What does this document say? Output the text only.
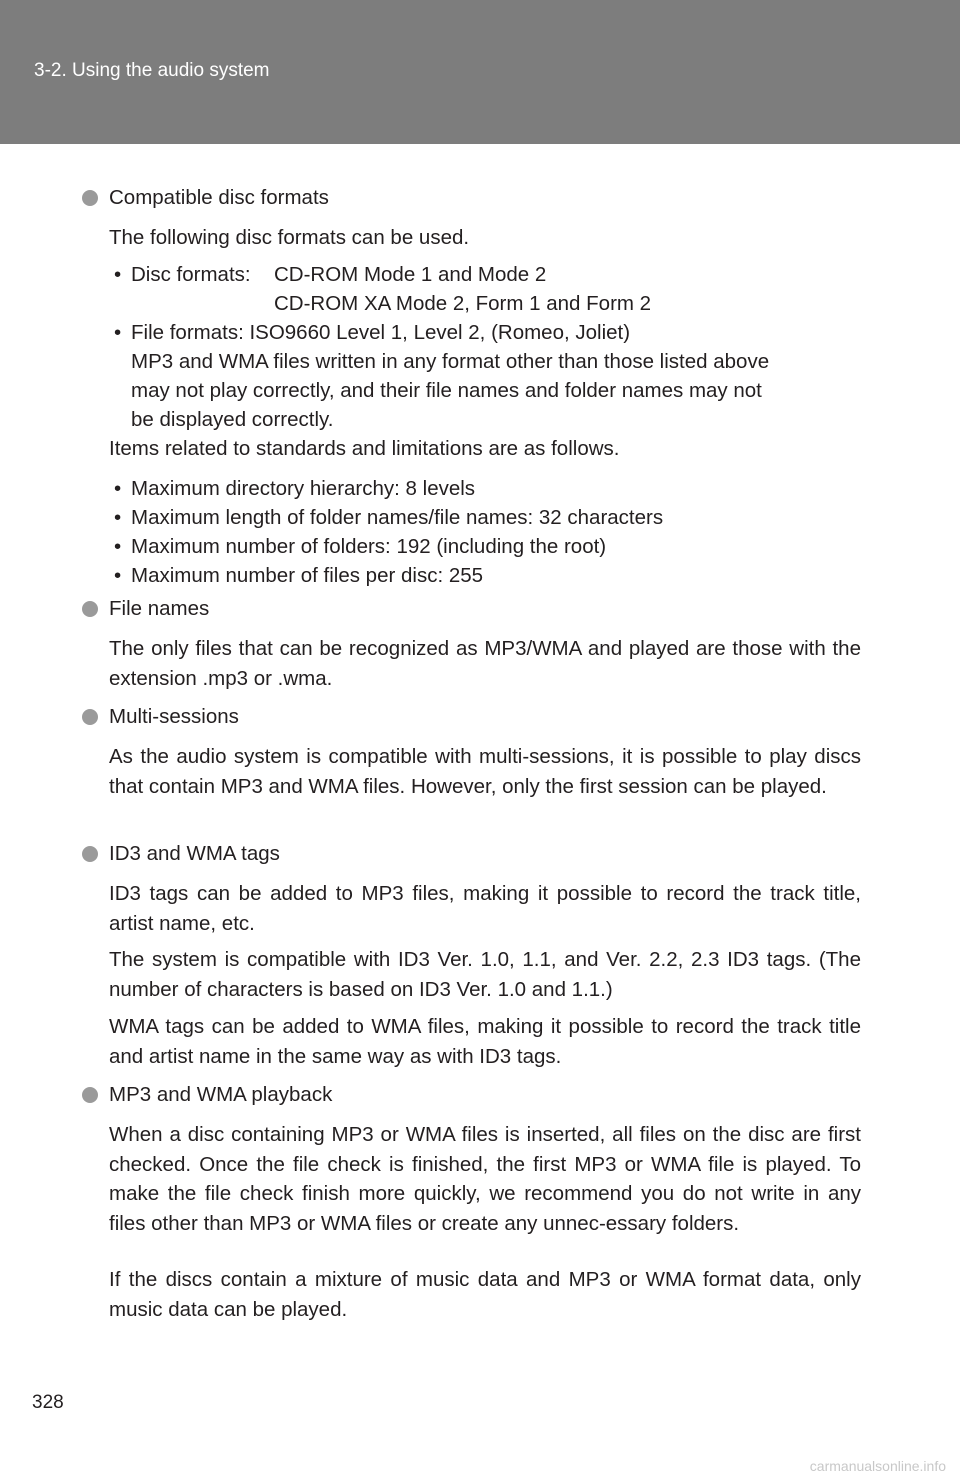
3-2. Using the audio system
Compatible disc formats
The following disc formats can be used.
•
Disc formats: CD-ROM Mode 1 and Mode 2
CD-ROM XA Mode 2, Form 1 and Form 2
•
File formats: ISO9660 Level 1, Level 2, (Romeo, Joliet)
MP3 and WMA files written in any format other than those listed above
may not play correctly, and their file names and folder names may not
be displayed correctly.
Items related to standards and limitations are as follows.
•
Maximum directory hierarchy: 8 levels
•
Maximum length of folder names/file names: 32 characters
•
Maximum number of folders: 192 (including the root)
•
Maximum number of files per disc: 255
File names
The only files that can be recognized as MP3/WMA and played are those with the extension .mp3 or .wma.
Multi-sessions
As the audio system is compatible with multi-sessions, it is possible to play discs that contain MP3 and WMA files. However, only the first session can be played.
ID3 and WMA tags
ID3 tags can be added to MP3 files, making it possible to record the track title, artist name, etc.
The system is compatible with ID3 Ver. 1.0, 1.1, and Ver. 2.2, 2.3 ID3 tags. (The number of characters is based on ID3 Ver. 1.0 and 1.1.)
WMA tags can be added to WMA files, making it possible to record the track title and artist name in the same way as with ID3 tags.
MP3 and WMA playback
When a disc containing MP3 or WMA files is inserted, all files on the disc are first checked. Once the file check is finished, the first MP3 or WMA file is played. To make the file check finish more quickly, we recommend you do not write in any files other than MP3 or WMA files or create any unnec-essary folders.
If the discs contain a mixture of music data and MP3 or WMA format data, only music data can be played.
328
carmanualsonline.info
